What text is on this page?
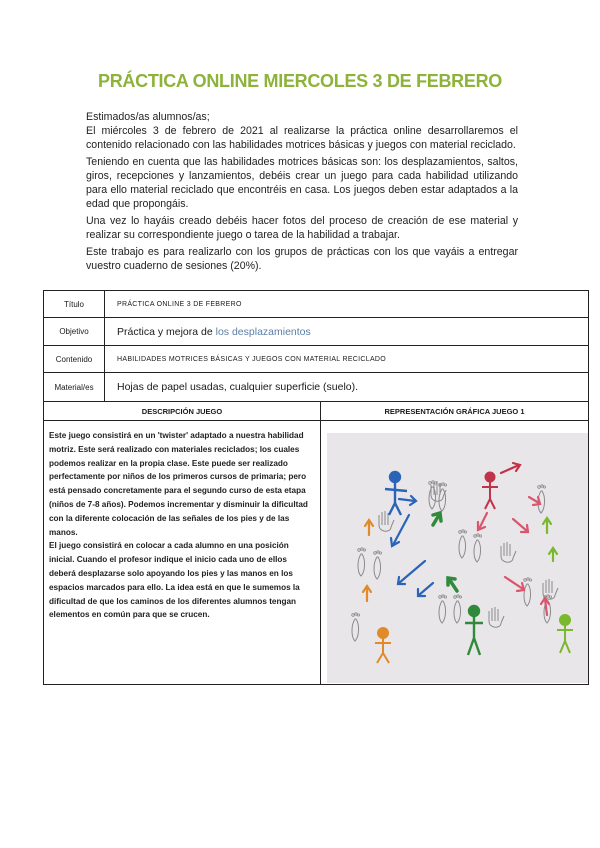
PRÁCTICA ONLINE MIERCOLES 3 DE FEBRERO

Estimados/as alumnos/as;

El miércoles 3 de febrero de 2021 al realizarse la práctica online desarrollaremos el contenido relacionado con las habilidades motrices básicas y juegos con material reciclado.

Teniendo en cuenta que las habilidades motrices básicas son: los desplazamientos, saltos, giros, recepciones y lanzamientos, debéis crear un juego para cada habilidad utilizando para ello material reciclado que encontréis en casa. Los juegos deben estar adaptados a la edad que propongáis.

Una vez lo hayáis creado debéis hacer fotos del proceso de creación de ese material y realizar su correspondiente juego o tarea de la habilidad a trabajar.

Este trabajo es para realizarlo con los grupos de prácticas con los que vayáis a entregar vuestro cuaderno de sesiones (20%).

Título	PRÁCTICA ONLINE 3 DE FEBRERO	
Objetivo	Práctica y mejora de los desplazamientos	
Contenido	HABILIDADES MOTRICES BÁSICAS Y JUEGOS CON MATERIAL RECICLADO	
Material/es	Hojas de papel usadas, cualquier superficie (suelo).	
DESCRIPCIÓN JUEGO		REPRESENTACIÓN GRÁFICA JUEGO 1

Este juego consistirá en un 'twister' adaptado a nuestra habilidad motriz. Este será realizado con materiales reciclados; los cuales podemos realizar en la propia clase. Este puede ser realizado perfectamente por niños de los primeros cursos de primaria; pero está pensado concretamente para el segundo curso de esta etapa (niños de 7-8 años). Podemos incrementar y disminuir la dificultad con la diferente colocación de las señales de los pies y de las manos.

El juego consistirá en colocar a cada alumno en una posición inicial. Cuando el profesor indique el inicio cada uno de ellos deberá desplazarse solo apoyando los pies y las manos en los espacios marcados para ello. La idea está en que le sumemos la dificultad de que los caminos de los diferentes alumnos tengan elementos en común para que se crucen.
